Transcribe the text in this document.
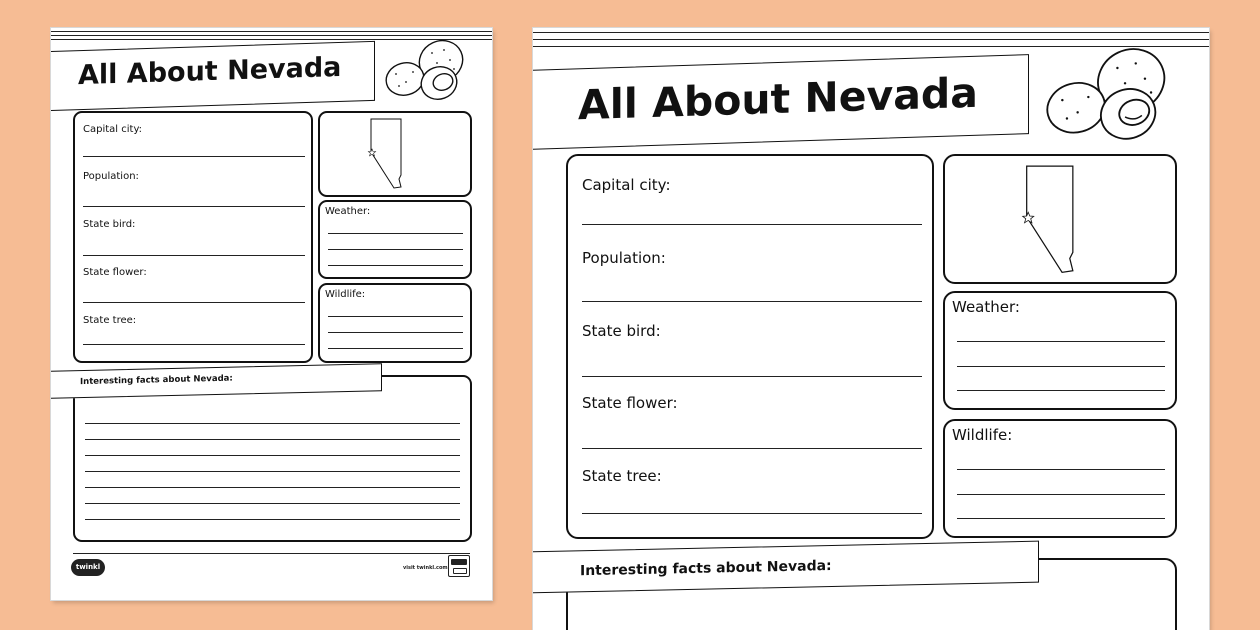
All About Nevada
Capital city:
Population:
State bird:
State flower:
State tree:
Weather:
Wildlife:
Interesting facts about Nevada:
twinkl	visit twinkl.com
All About Nevada
Capital city:
Population:
State bird:
State flower:
State tree:
Weather:
Wildlife:
Interesting facts about Nevada:
